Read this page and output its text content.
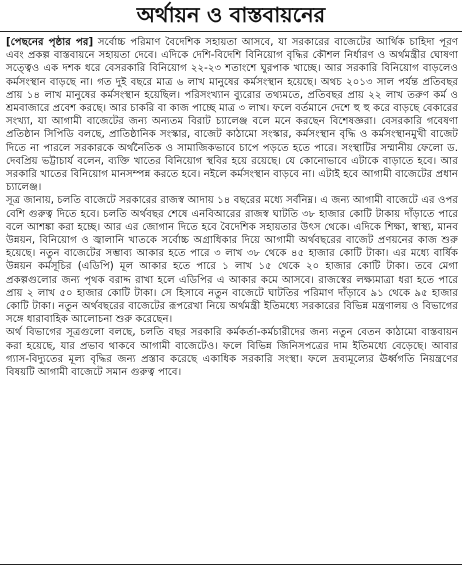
অর্থায়ন ও বাস্তবায়নের

[পেছনের পৃষ্ঠার পর] সর্বোচ্চ পরিমাণ বৈদেশিক সহায়তা আসবে, যা সরকারের বাজেটের আর্থিক চাহিদা পূরণ এবং প্রকল্প বাস্তবায়নে সহায়তা দেবে। এদিকে দেশি-বিদেশি বিনিয়োগ বৃদ্ধির কৌশল নির্ধারণ ও অর্থমন্ত্রীর ঘোষণা সত্ত্বেও এক দশক ধরে বেসরকারি বিনিয়োগ ২২-২৩ শতাংশে ঘুরপাক খাচ্ছে। আর সরকারি বিনিয়োগ বাড়লেও কর্মসংস্থান বাড়ছে না। গত দুই বছরে মাত্র ৬ লাখ মানুষের কর্মসংস্থান হয়েছে। অথচ ২০১৩ সাল পর্যন্ত প্রতিবছর প্রায় ১৪ লাখ মানুষের কর্মসংস্থান হয়েছিল। পরিসংখ্যান ব্যুরোর তথ্যমতে, প্রতিবছর প্রায় ২২ লাখ তরুণ কর্ম ও শ্রমবাজারে প্রবেশ করছে। আর চাকরি বা কাজ পাচ্ছে মাত্র ৩ লাখ। ফলে বর্তমানে দেশে হু হু করে বাড়ছে বেকারের সংখ্যা, যা আগামী বাজেটের জন্য অন্যতম বিরাট চ্যালেঞ্জ বলে মনে করছেন বিশেষজ্ঞরা। বেসরকারি গবেষণা প্রতিষ্ঠান সিপিডি বলছে, প্রাতিষ্ঠানিক সংস্কার, বাজেট কাঠামো সংস্কার, কর্মসংস্থান বৃদ্ধি ও কর্মসংস্থানমুখী বাজেট দিতে না পারলে সরকারকে অর্থনৈতিক ও সামাজিকভাবে চাপে পড়তে হতে পারে। সংস্থাটির সম্মানীয় ফেলো ড. দেবপ্রিয় ভট্টাচার্য বলেন, ব্যক্তি খাতের বিনিয়োগ স্থবির হয়ে রয়েছে। যে কোনোভাবে এটাকে বাড়াতে হবে। আর সরকারি খাতের বিনিয়োগ মানসম্পন্ন করতে হবে। নইলে কর্মসংস্থান বাড়বে না। এটাই হবে আগামী বাজেটের প্রধান চ্যালেঞ্জ।

সূত্র জানায়, চলতি বাজেটে সরকারের রাজস্ব আদায় ১৪ বছরের মধ্যে সর্বনিম্ন। এ জন্য আগামী বাজেটে এর ওপর বেশি গুরুত্ব দিতে হবে। চলতি অর্থবছর শেষে এনবিআরের রাজস্ব ঘাটতি ৩৮ হাজার কোটি টাকায় দাঁড়াতে পারে বলে আশঙ্কা করা হচ্ছে। আর এর জোগান দিতে হবে বৈদেশিক সহায়তার উৎস থেকে। এদিকে শিক্ষা, স্বাস্থ্য, মানব উন্নয়ন, বিনিয়োগ ও জ্বালানি খাতকে সর্বোচ্চ অগ্রাধিকার দিয়ে আগামী অর্থবছরের বাজেট প্রণয়নের কাজ শুরু হয়েছে। নতুন বাজেটের সম্ভাব্য আকার হতে পারে ৩ লাখ ৩৮ থেকে ৪৫ হাজার কোটি টাকা। এর মধ্যে বার্ষিক উন্নয়ন কর্মসূচির (এডিপি) মূল আকার হতে পারে ১ লাখ ১৫ থেকে ২০ হাজার কোটি টাকা। তবে মেগা প্রকল্পগুলোর জন্য পৃথক বরাদ্দ রাখা হলে এডিপির এ আকার কমে আসবে। রাজস্বের লক্ষ্যমাত্রা ধরা হতে পারে প্রায় ২ লাখ ৫০ হাজার কোটি টাকা। সে হিসাবে নতুন বাজেটে ঘাটতির পরিমাণ দাঁড়াবে ৯১ থেকে ৯৫ হাজার কোটি টাকা। নতুন অর্থবছরের বাজেটের রূপরেখা নিয়ে অর্থমন্ত্রী ইতিমধ্যে সরকারের বিভিন্ন মন্ত্রণালয় ও বিভাগের সঙ্গে ধারাবাহিক আলোচনা শুরু করেছেন।

অর্থ বিভাগের সূত্রগুলো বলছে, চলতি বছর সরকারি কর্মকর্তা-কর্মচারীদের জন্য নতুন বেতন কাঠামো বাস্তবায়ন করা হয়েছে, যার প্রভাব থাকবে আগামী বাজেটেও। ফলে বিভিন্ন জিনিসপত্রের দাম ইতিমধ্যে বেড়েছে। আবার গ্যাস-বিদ্যুতের মূল্য বৃদ্ধির জন্য প্রস্তাব করেছে একাধিক সরকারি সংস্থা। ফলে দ্রব্যমূল্যের ঊর্ধ্বগতি নিয়ন্ত্রণের বিষয়টি আগামী বাজেটে সমান গুরুত্ব পাবে।
